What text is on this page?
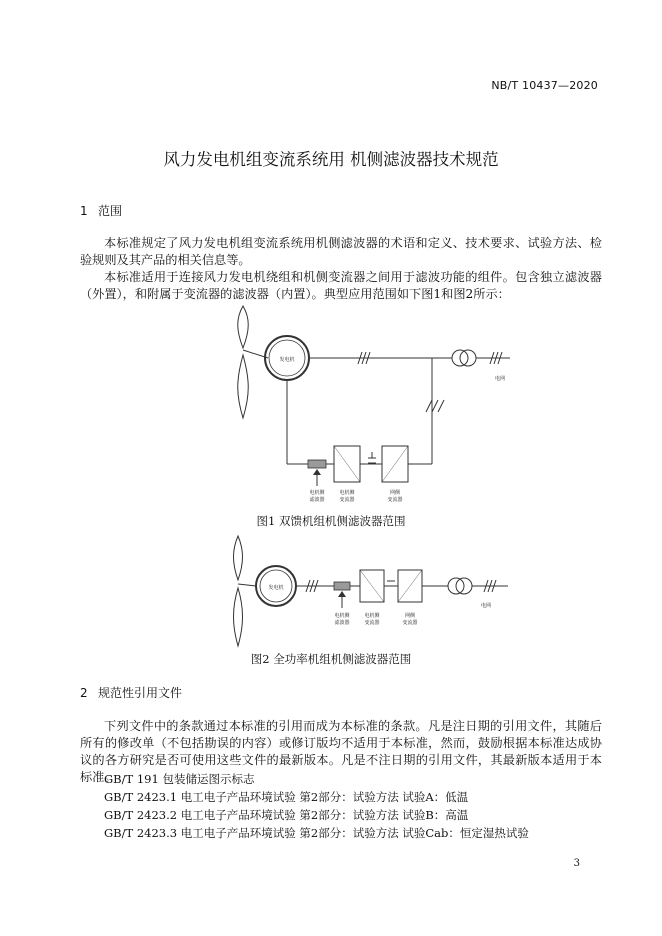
NB/T 10437—2020
风力发电机组变流系统用 机侧滤波器技术规范
1 范围
本标准规定了风力发电机组变流系统用机侧滤波器的术语和定义、技术要求、试验方法、检验规则及其产品的相关信息等。
本标准适用于连接风力发电机绕组和机侧变流器之间用于滤波功能的组件。包含独立滤波器（外置），和附属于变流器的滤波器（内置）。典型应用范围如下图1和图2所示：
发电机
电网
电机侧
滤波器
电机侧
变流器
网侧
变流器
发电机
电网
电机侧
滤波器
电机侧
变流器
网侧
变流器
图1 双馈机组机侧滤波器范围
图2 全功率机组机侧滤波器范围
2 规范性引用文件
下列文件中的条款通过本标准的引用而成为本标准的条款。凡是注日期的引用文件，其随后所有的修改单（不包括勘误的内容）或修订版均不适用于本标准，然而，鼓励根据本标准达成协议的各方研究是否可使用这些文件的最新版本。凡是不注日期的引用文件，其最新版本适用于本标准。
GB/T 191 包装储运图示标志
GB/T 2423.1 电工电子产品环境试验 第2部分：试验方法 试验A：低温
GB/T 2423.2 电工电子产品环境试验 第2部分：试验方法 试验B：高温
GB/T 2423.3 电工电子产品环境试验 第2部分：试验方法 试验Cab：恒定湿热试验
3
